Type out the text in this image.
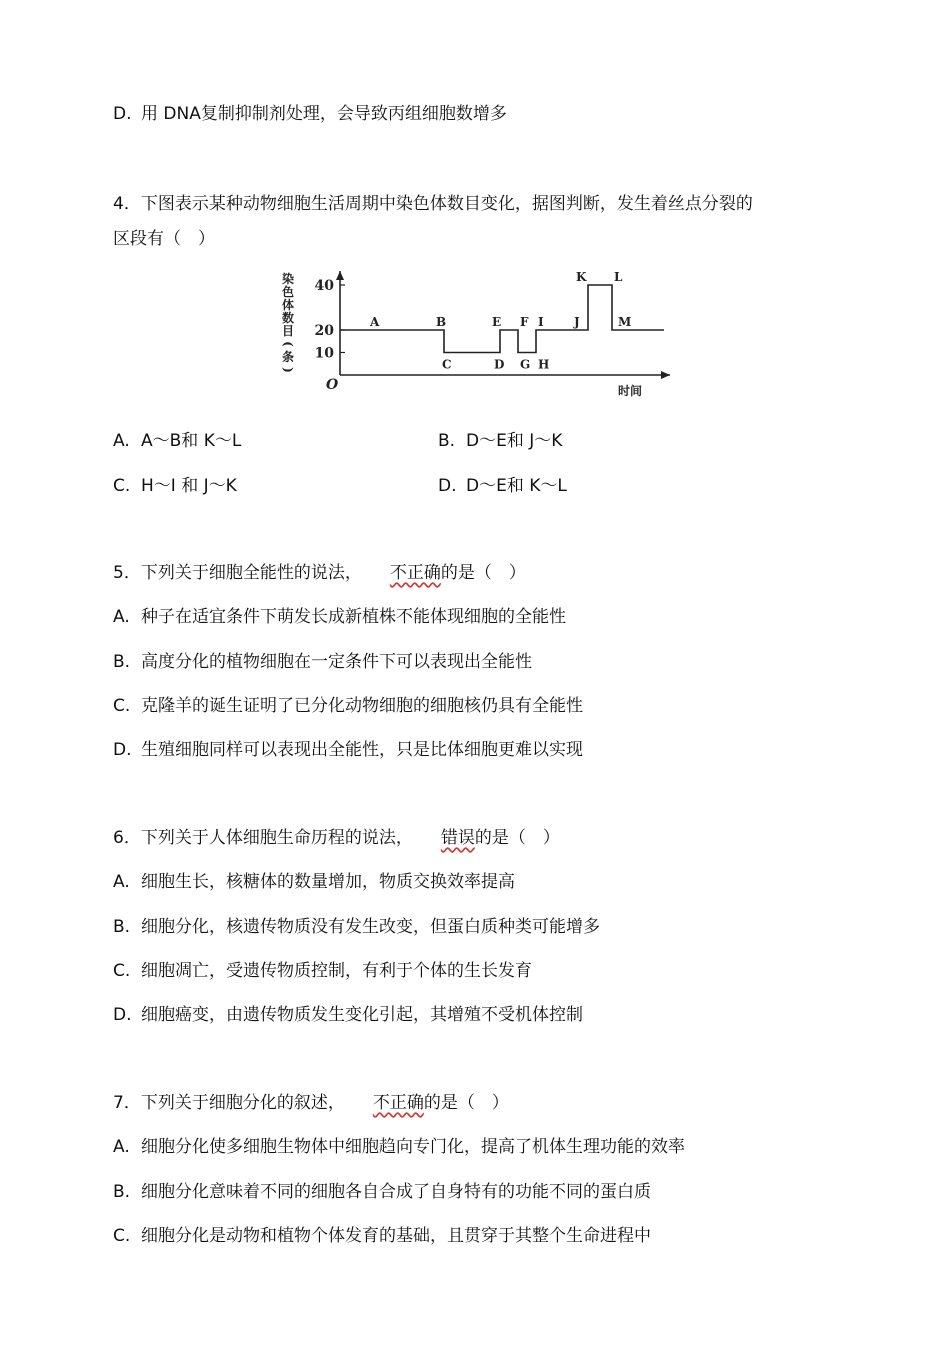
D. 用 DNA复制抑制剂处理，会导致丙组细胞数增多
4．下图表示某种动物细胞生活周期中染色体数目变化，据图判断，发生着丝点分裂的
区段有（　）
O	时间
染
色
体
数
目
(
条
)
10
20
40
A	B
C	D
E F
G H
I	J
K L
M
A. A～B和 K～L	B. D～E和 J～K
C. H～I 和 J～K	D. D～E和 K～L
5．下列关于细胞全能性的说法， 不正确的是（　）
A. 种子在适宜条件下萌发长成新植株不能体现细胞的全能性
B. 高度分化的植物细胞在一定条件下可以表现出全能性
C. 克隆羊的诞生证明了已分化动物细胞的细胞核仍具有全能性
D. 生殖细胞同样可以表现出全能性，只是比体细胞更难以实现
6．下列关于人体细胞生命历程的说法， 错误的是（　）
A. 细胞生长，核糖体的数量增加，物质交换效率提高
B. 细胞分化，核遗传物质没有发生改变，但蛋白质种类可能增多
C. 细胞凋亡，受遗传物质控制，有利于个体的生长发育
D. 细胞癌变，由遗传物质发生变化引起，其增殖不受机体控制
7．下列关于细胞分化的叙述， 不正确的是（　）
A. 细胞分化使多细胞生物体中细胞趋向专门化，提高了机体生理功能的效率
B. 细胞分化意味着不同的细胞各自合成了自身特有的功能不同的蛋白质
C. 细胞分化是动物和植物个体发育的基础，且贯穿于其整个生命进程中
